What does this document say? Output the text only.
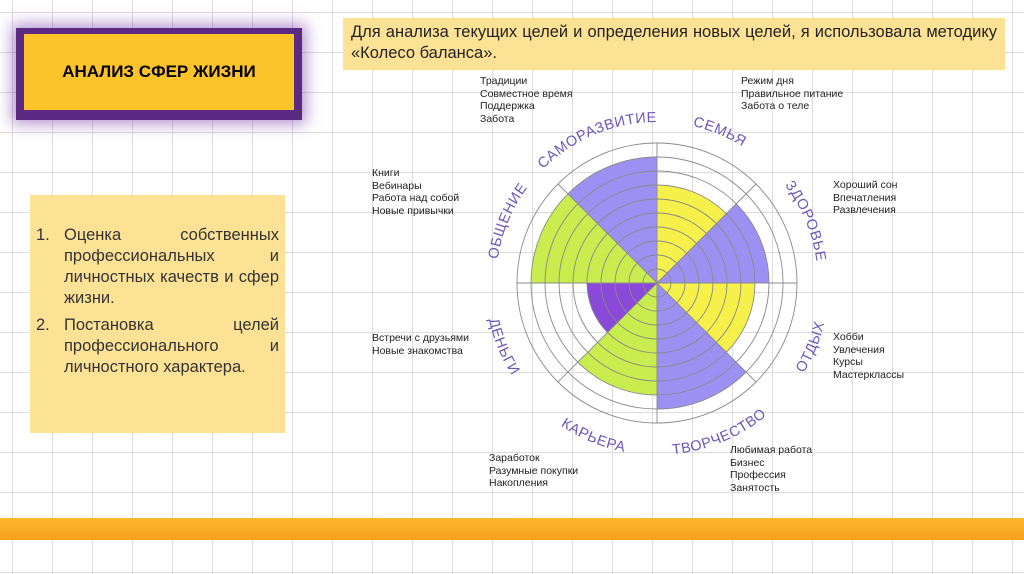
АНАЛИЗ СФЕР ЖИЗНИ
Для анализа текущих целей и определения новых целей, я использовала методику «Колесо баланса».
1. Оценка собственных профессиональных и личностных качеств и сфер жизни.
2. Постановка целей профессионального и личностного характера.
СЕМЬЯ
ЗДОРОВЬЕ
ОТДЫХ
ТВОРЧЕСТВО
КАРЬЕРА
ДЕНЬГИ
ОБЩЕНИЕ
САМОРАЗВИТИЕ
Традиции
Совместное время
Поддержка
Забота
Режим дня
Правильное питание
Забота о теле
Хороший сон
Впечатления
Развлечения
Хобби
Увлечения
Курсы
Мастерклассы
Любимая работа
Бизнес
Профессия
Занятость
Заработок
Разумные покупки
Накопления
Встречи с друзьями
Новые знакомства
Книги
Вебинары
Работа над собой
Новые привычки
